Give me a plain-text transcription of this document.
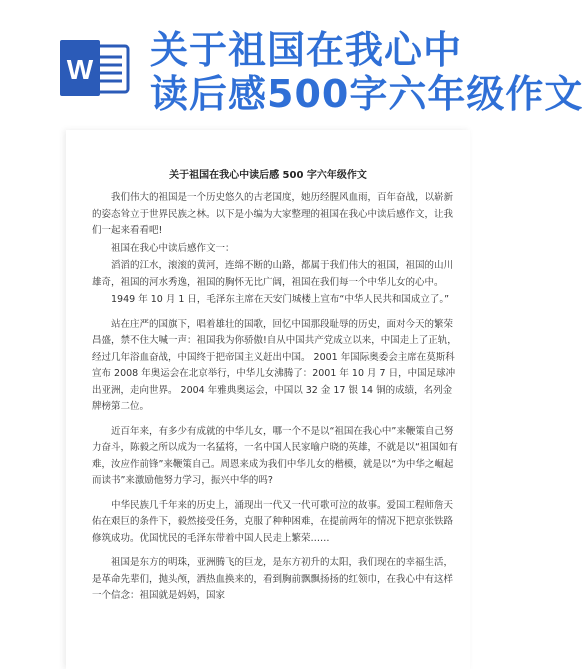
W 关于祖国在我心中
读后感500字六年级作文
关于祖国在我心中读后感 500 字六年级作文

我们伟大的祖国是一个历史悠久的古老国度，她历经腥风血雨，百年奋战，以崭新的姿态耸立于世界民族之林。以下是小编为大家整理的祖国在我心中读后感作文，让我们一起来看看吧!

祖国在我心中读后感作文一：

滔滔的江水，滚滚的黄河，连绵不断的山路，都属于我们伟大的祖国，祖国的山川雄奇，祖国的河水秀逸，祖国的胸怀无比广阔，祖国在我们每一个中华儿女的心中。

1949 年 10 月 1 日，毛泽东主席在天安门城楼上宣布“中华人民共和国成立了。”

站在庄严的国旗下，唱着雄壮的国歌，回忆中国那段耻辱的历史，面对今天的繁荣昌盛，禁不住大喊一声：祖国我为你骄傲!自从中国共产党成立以来，中国走上了正轨，经过几年浴血奋战，中国终于把帝国主义赶出中国。 2001 年国际奥委会主席在莫斯科宣布 2008 年奥运会在北京举行，中华儿女沸腾了：2001 年 10 月 7 日，中国足球冲出亚洲，走向世界。 2004 年雅典奥运会，中国以 32 金 17 银 14 铜的成绩，名列金牌榜第二位。

近百年来，有多少有成就的中华儿女，哪一个不是以“祖国在我心中”来鞭策自己努力奋斗，陈毅之所以成为一名猛将，一名中国人民家喻户晓的英雄，不就是以“祖国如有难，汝应作前锋”来鞭策自己。周恩来成为我们中华儿女的楷模，就是以“为中华之崛起而读书”来激励他努力学习，振兴中华的吗?

中华民族几千年来的历史上，涌现出一代又一代可歌可泣的故事。爱国工程师詹天佑在艰巨的条件下，毅然接受任务，克服了种种困难，在提前两年的情况下把京张铁路修筑成功。优国忧民的毛泽东带着中国人民走上繁荣……

祖国是东方的明珠，亚洲腾飞的巨龙，是东方初升的太阳，我们现在的幸福生活，是革命先辈们，抛头颅，洒热血换来的，看到胸前飘飘扬扬的红领巾，在我心中有这样一个信念：祖国就是妈妈，国家
